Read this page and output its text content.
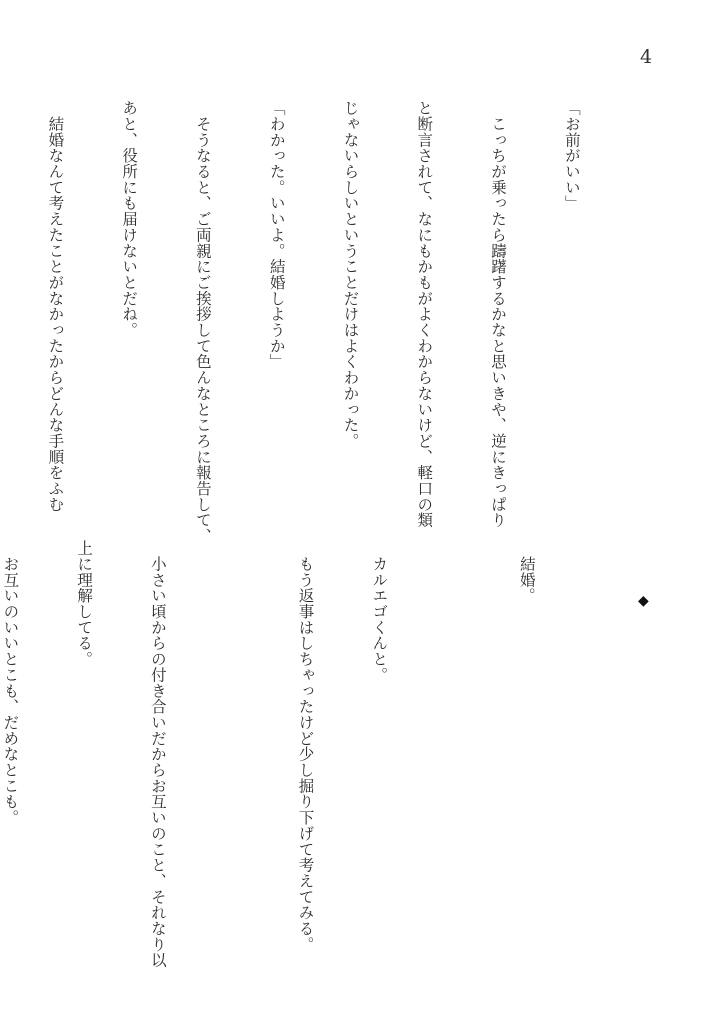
4

「お前がいい」

　こっちが乗ったら躊躇するかなと思いきや、逆にきっぱり

と断言されて、なにもかもがよくわからないけど、軽口の類

じゃないらしいということだけはよくわかった。

「わかった。いいよ。結婚しようか」

　そうなると、ご両親にご挨拶して色んなところに報告して、

あと、役所にも届けないとだね。

　結婚なんて考えたことがなかったからどんな手順をふむ

◆

　結婚。

　カルエゴくんと。

　もう返事はしちゃったけど少し掘り下げて考えてみる。

　小さい頃からの付き合いだからお互いのこと、それなり以

上に理解してる。

　お互いのいいとこも、だめなとこも。
